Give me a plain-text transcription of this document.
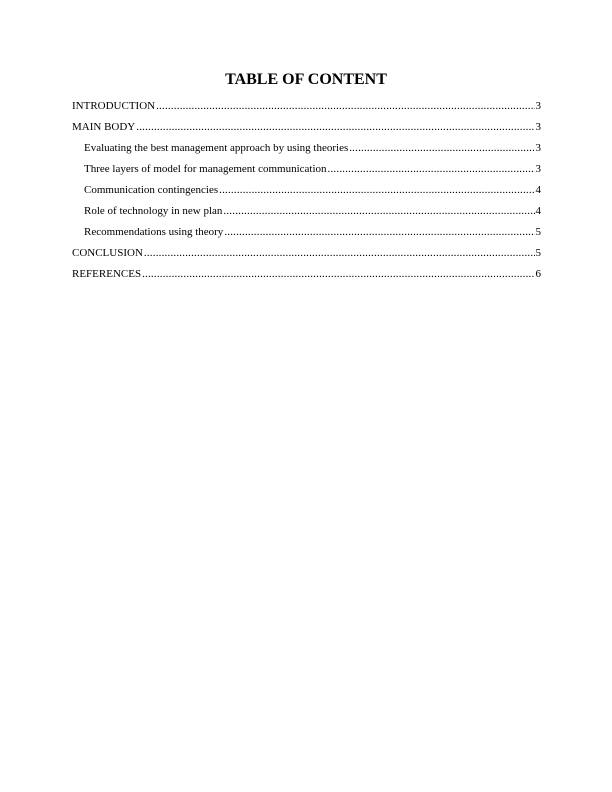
TABLE OF CONTENT
INTRODUCTION .....	3
MAIN BODY .....	3
Evaluating the best management approach by using theories .....	3
Three layers of model for management communication .....	3
Communication contingencies .....	4
Role of technology in new plan .....	4
Recommendations using theory .....	5
CONCLUSION .....	5
REFERENCES .....	6
